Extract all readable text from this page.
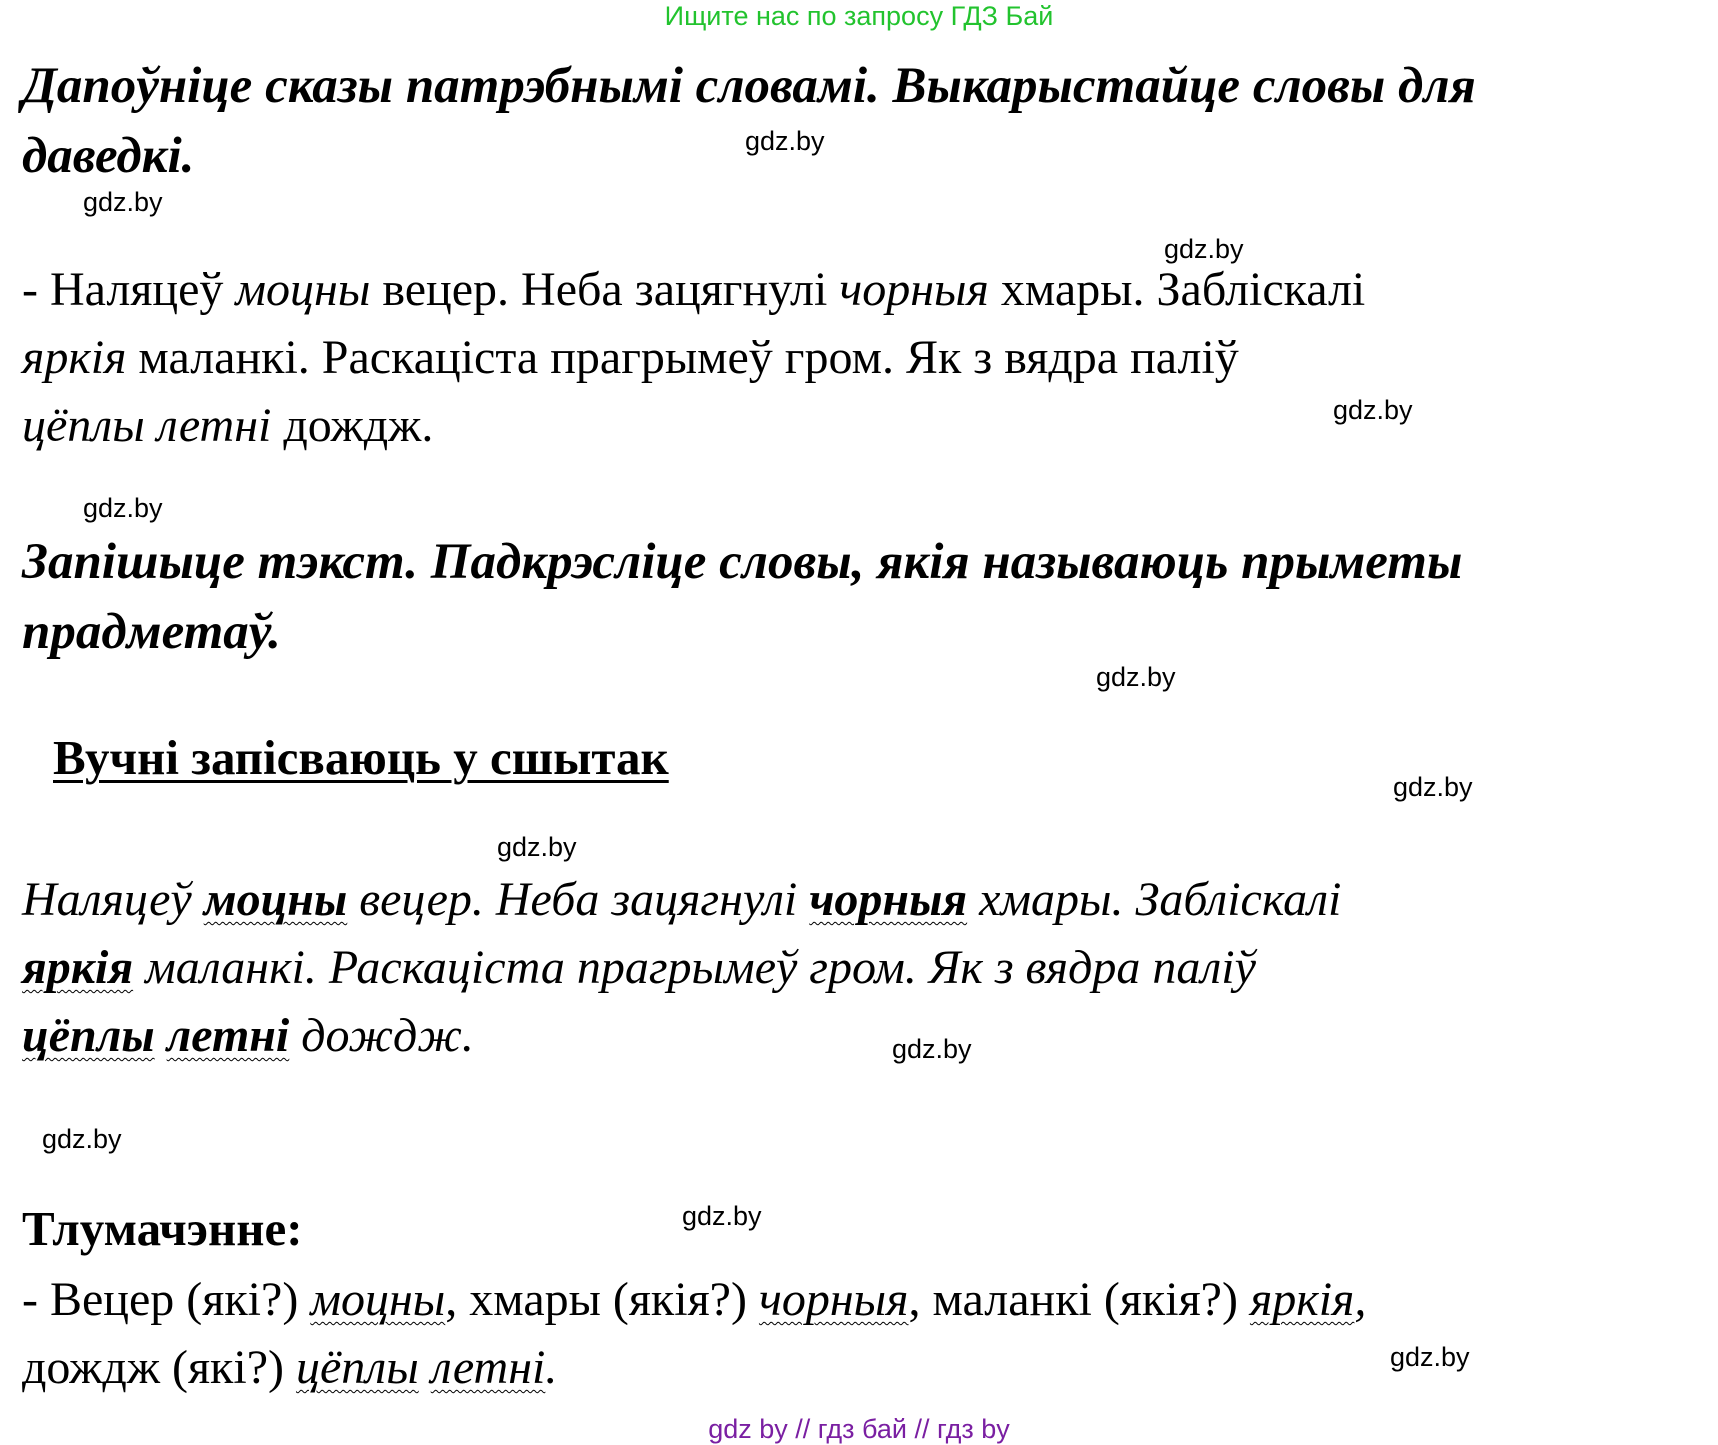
Ищите нас по запросу ГДЗ Бай
Дапоўніце сказы патрэбнымі словамі. Выкарыстайце словы для
даведкі.
- Наляцеў моцны вецер. Неба зацягнулі чорныя хмары. Заблiскалi
яркiя маланкi. Раскацiста прагрымеў гром. Як з вядра палiў
цёплы летнi дождж.
Запiшыце тэкст. Падкрэслiце словы, якiя называюць прыметы
прадметаў.
Вучнi запiсваюць у сшытак
Наляцеў моцны вецер. Неба зацягнулi чорныя хмары. Заблiскалi
яркiя маланкi. Раскацiста прагрымеў гром. Як з вядра палiў
цёплы летнi дождж.
Тлумачэнне:
- Вецер (якi?) моцны, хмары (якiя?) чорныя, маланкi (якiя?) яркiя,
дождж (якi?) цёплы летнi.
gdz.by
gdz.by
gdz.by
gdz.by
gdz.by
gdz.by
gdz.by
gdz.by
gdz.by
gdz.by
gdz.by
gdz.by
gdz by // гдз бай // гдз by
